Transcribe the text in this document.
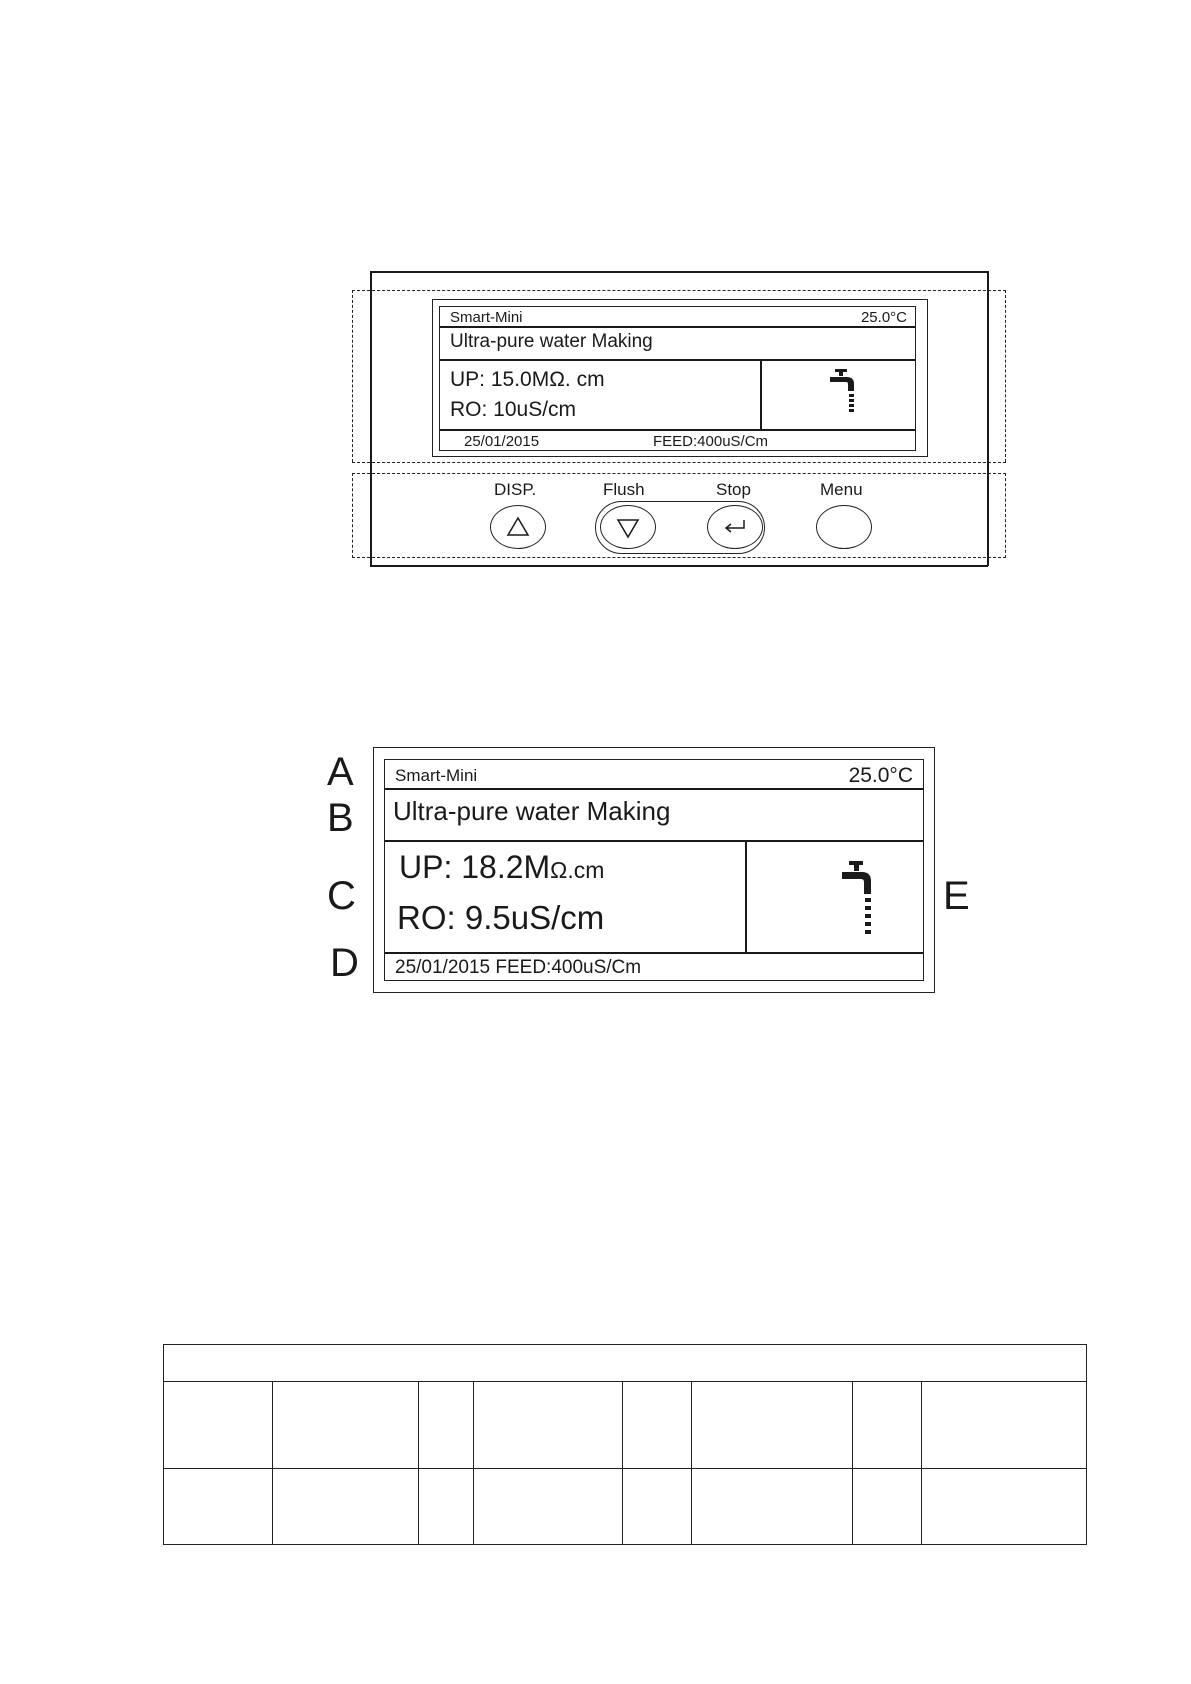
Smart-Mini	25.0°C
Ultra-pure water Making
UP: 15.0MΩ. cm
RO: 10uS/cm
25/01/2015	FEED:400uS/Cm
DISP.	Flush	Stop	Menu
Smart-Mini	25.0°C
Ultra-pure water Making
UP: 18.2MΩ.cm
RO: 9.5uS/cm
25/01/2015 FEED:400uS/Cm
A
B
C
D
E
